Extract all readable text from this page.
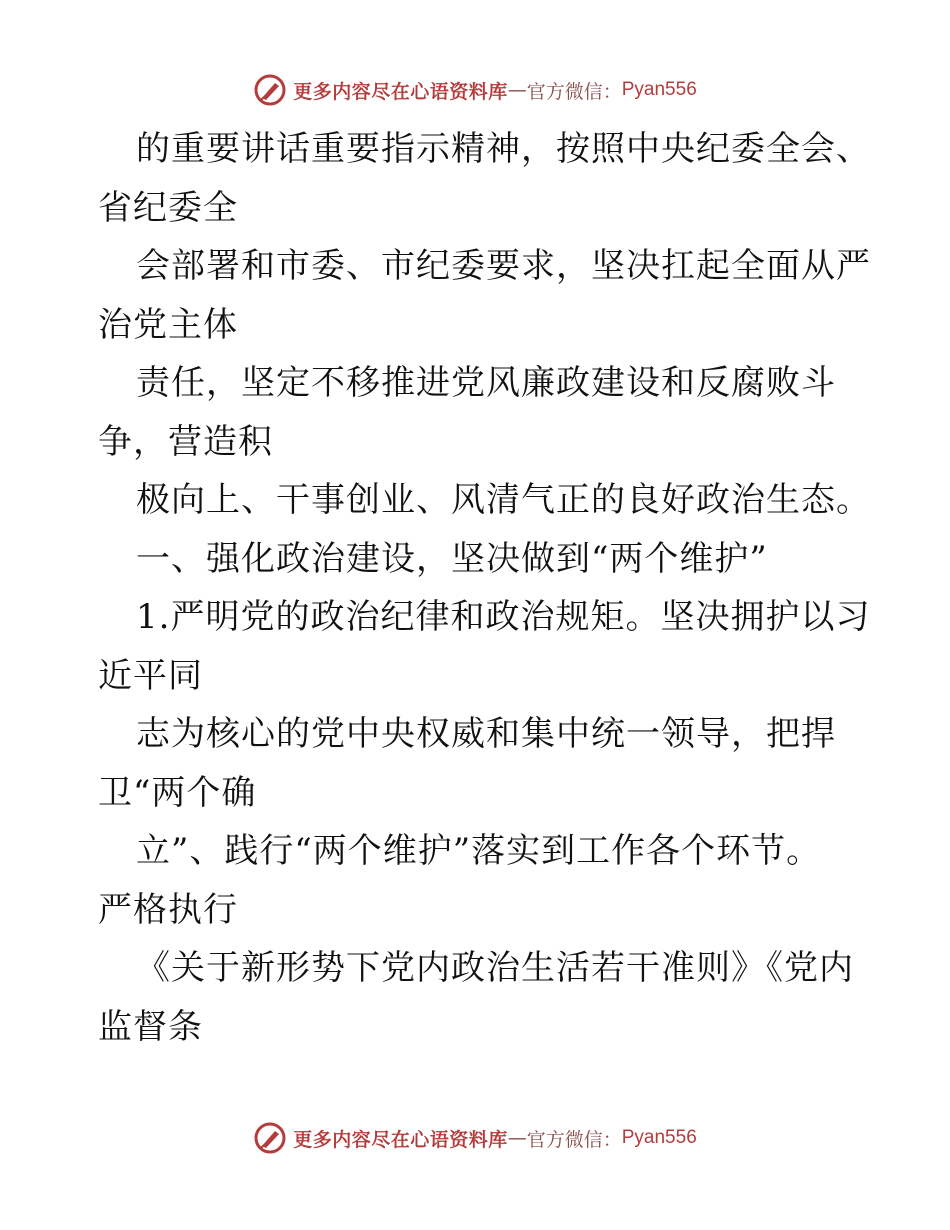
更多内容尽在心语资料库 — 官方微信： Pyan556
的重要讲话重要指示精神，按照中央纪委全会、
省纪委全
会部署和市委、市纪委要求，坚决扛起全面从严
治党主体
责任，坚定不移推进党风廉政建设和反腐败斗
争，营造积
极向上、干事创业、风清气正的良好政治生态。
一、强化政治建设，坚决做到“两个维护”
1.严明党的政治纪律和政治规矩。坚决拥护以习
近平同
志为核心的党中央权威和集中统一领导，把捍
卫“两个确
立”、践行“两个维护”落实到工作各个环节。
严格执行
《关于新形势下党内政治生活若干准则》《党内
监督条
更多内容尽在心语资料库 — 官方微信： Pyan556
